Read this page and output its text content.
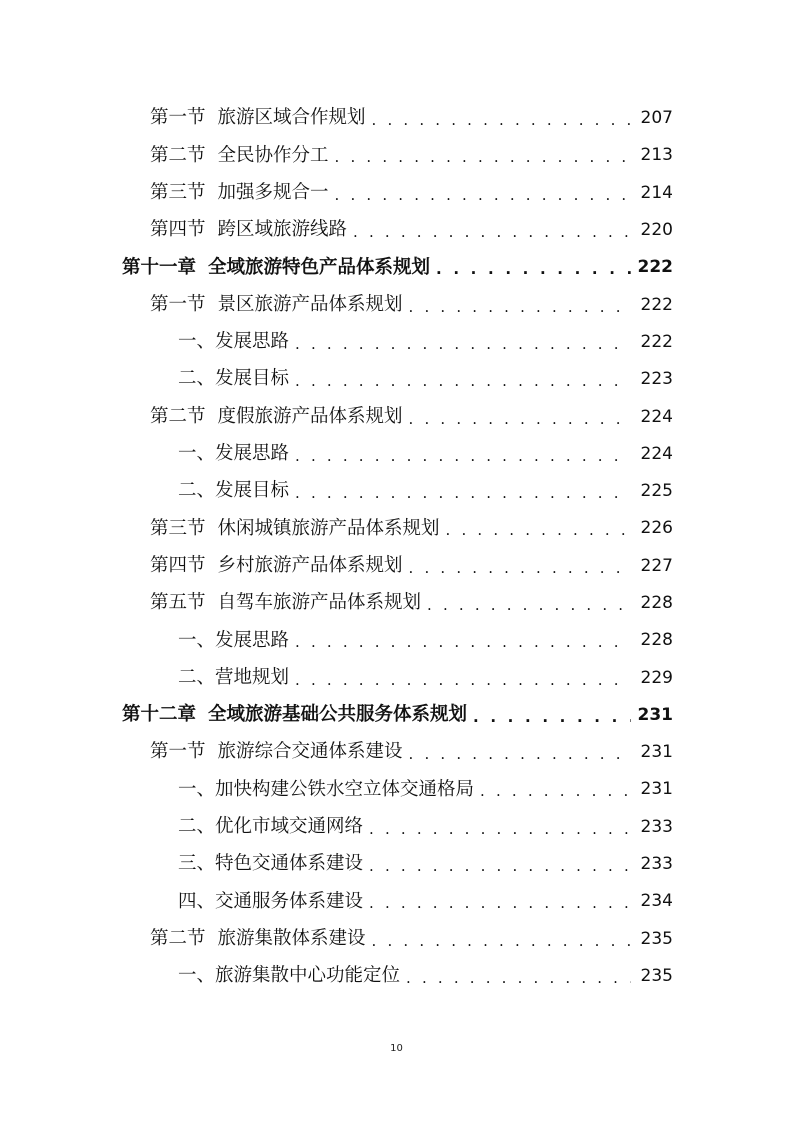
第一节 旅游区域合作规划 . . .	207
第二节 全民协作分工 . . .	213
第三节 加强多规合一 . . .	214
第四节 跨区域旅游线路 . . .	220
第十一章 全域旅游特色产品体系规划 . . .	222
第一节 景区旅游产品体系规划 . . .	222
一、发展思路 . . .	222
二、发展目标 . . .	223
第二节 度假旅游产品体系规划 . . .	224
一、发展思路 . . .	224
二、发展目标 . . .	225
第三节 休闲城镇旅游产品体系规划 . . .	226
第四节 乡村旅游产品体系规划 . . .	227
第五节 自驾车旅游产品体系规划 . . .	228
一、发展思路 . . .	228
二、营地规划 . . .	229
第十二章 全域旅游基础公共服务体系规划 . . .	231
第一节 旅游综合交通体系建设 . . .	231
一、加快构建公铁水空立体交通格局 . . .	231
二、优化市域交通网络 . . .	233
三、特色交通体系建设 . . .	233
四、交通服务体系建设 . . .	234
第二节 旅游集散体系建设 . . .	235
一、旅游集散中心功能定位 . . .	235
10
